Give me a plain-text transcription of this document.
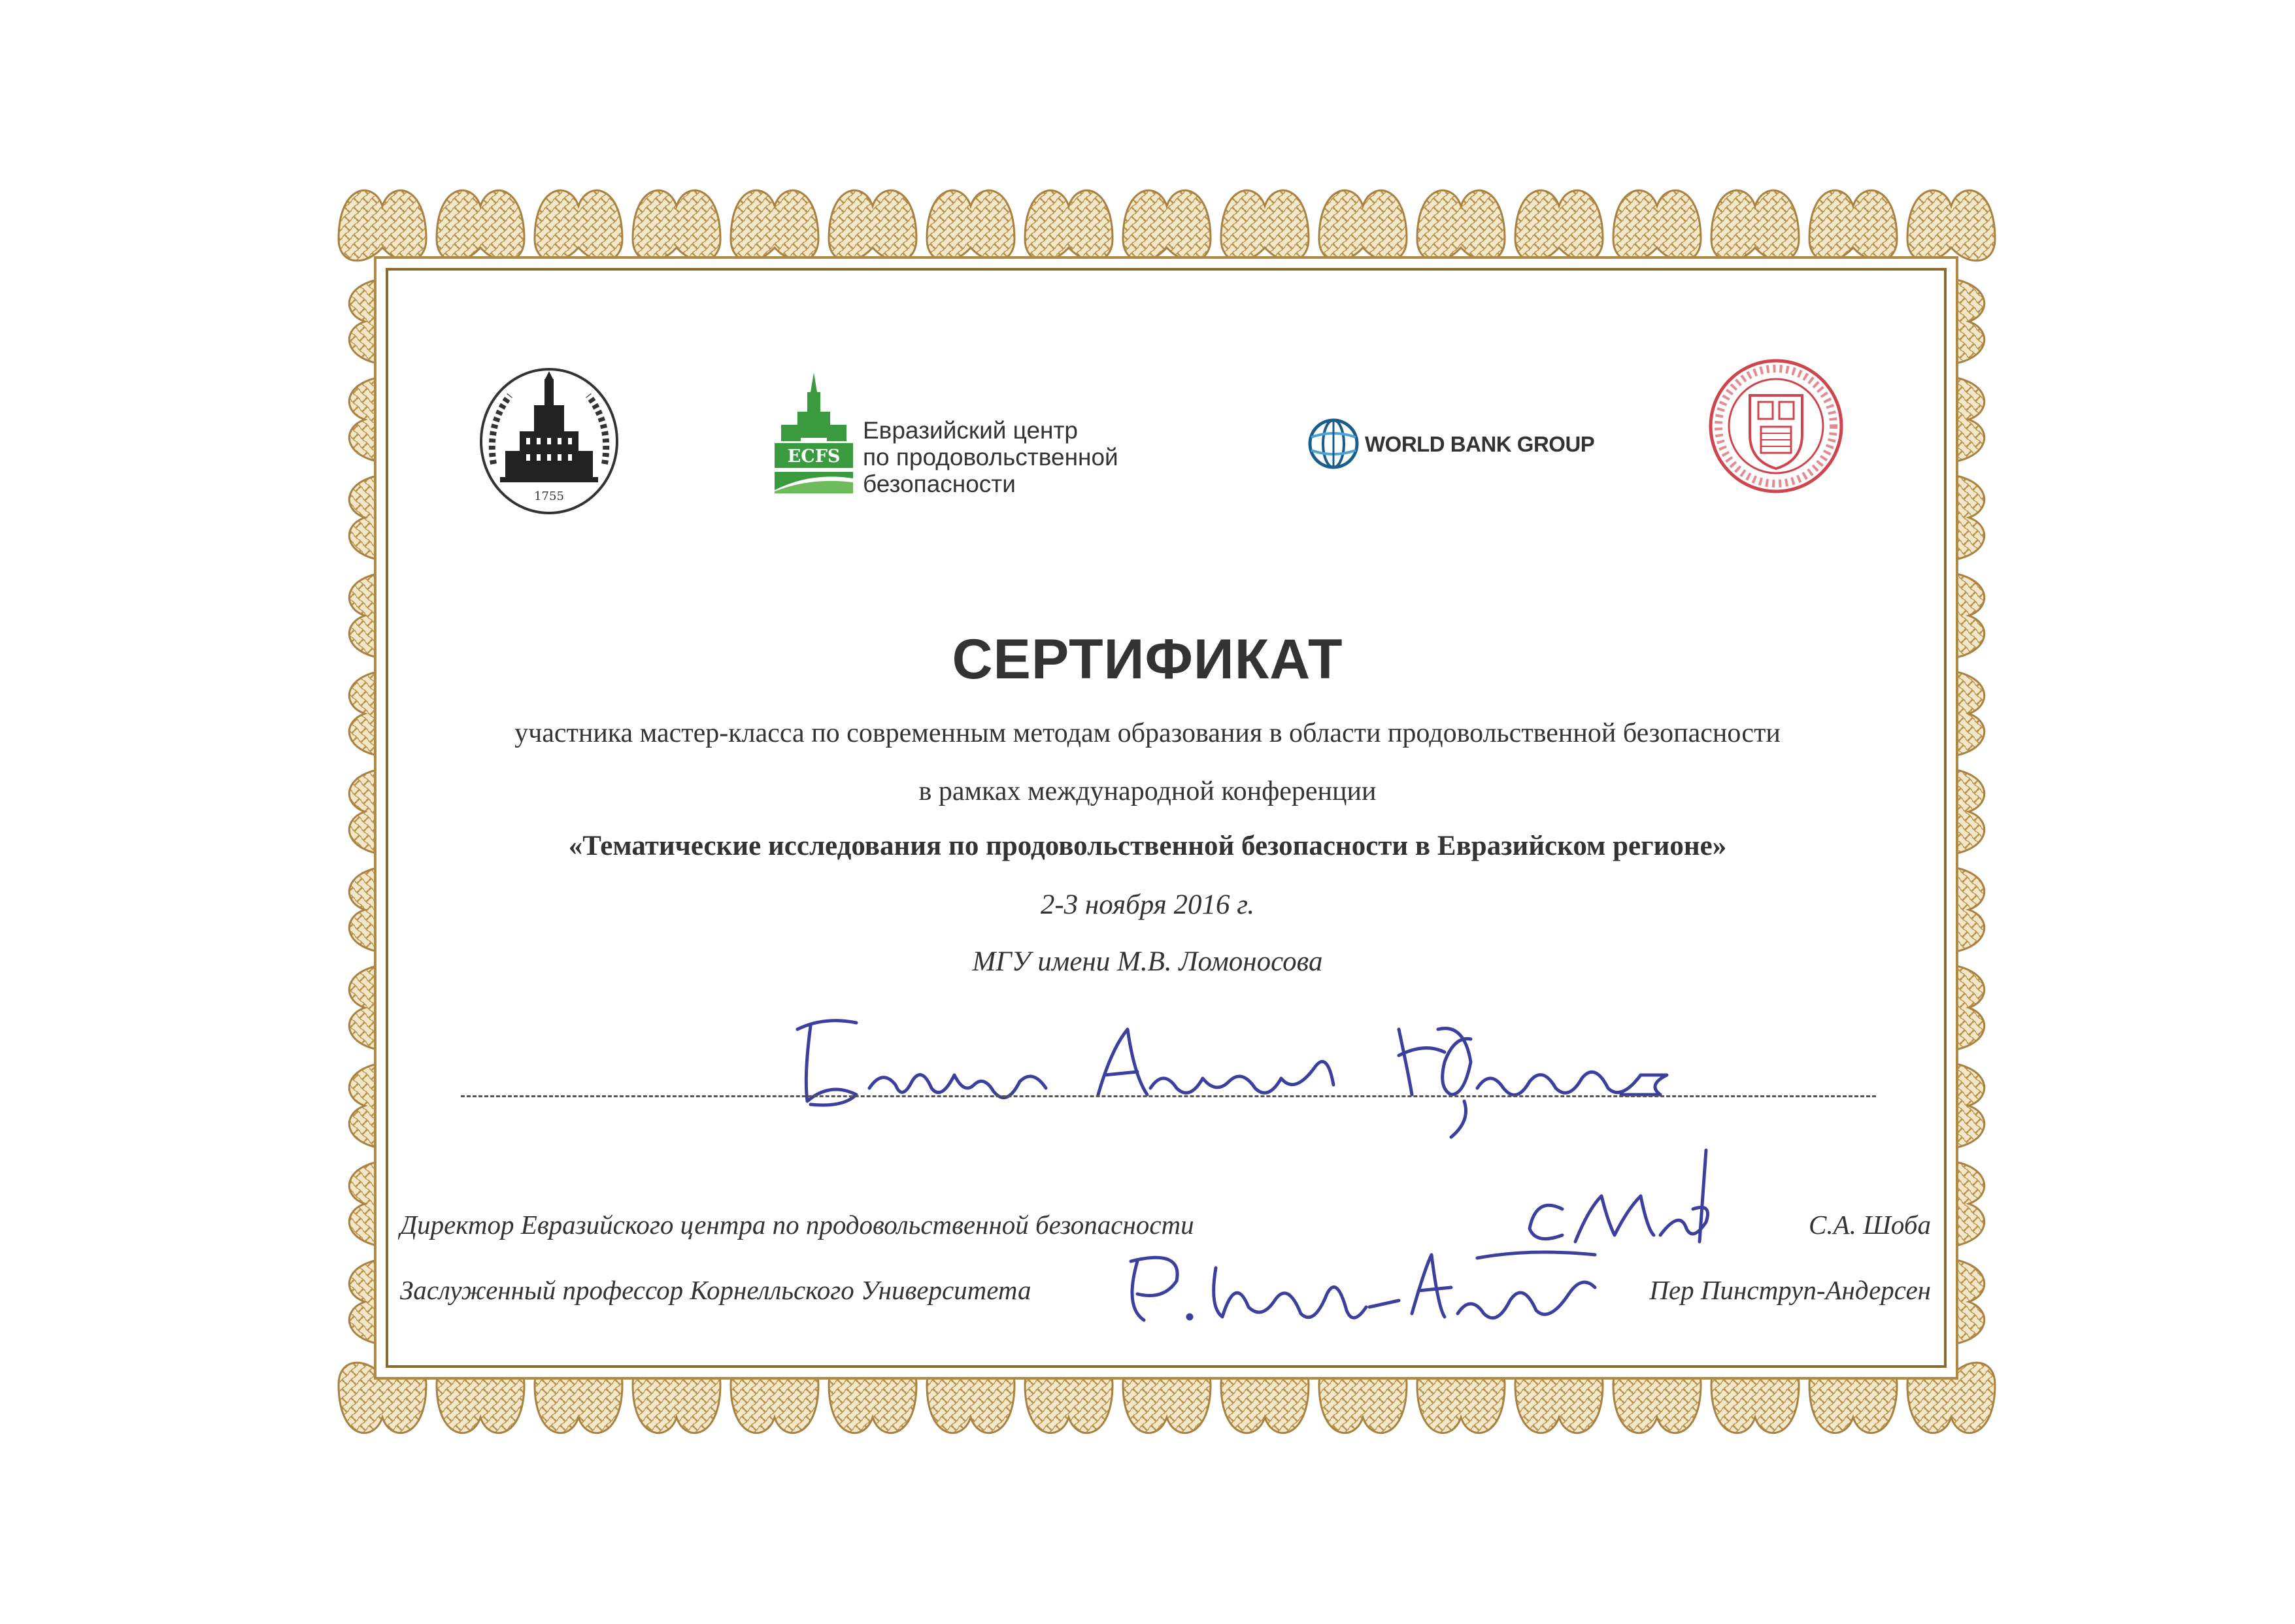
1755
ECFS
Евразийский центр
по продовольственной
безопасности
WORLD BANK GROUP
СЕРТИФИКАТ
участника мастер-класса по современным методам образования в области продовольственной безопасности
в рамках международной конференции
«Тематические исследования по продовольственной безопасности в Евразийском регионе»
2-3 ноября 2016 г.
МГУ имени М.В. Ломоносова
Директор Евразийского центра по продовольственной безопасности	С.А. Шоба
Заслуженный профессор Корнелльского Университета	Пер Пинструп-Андерсен
